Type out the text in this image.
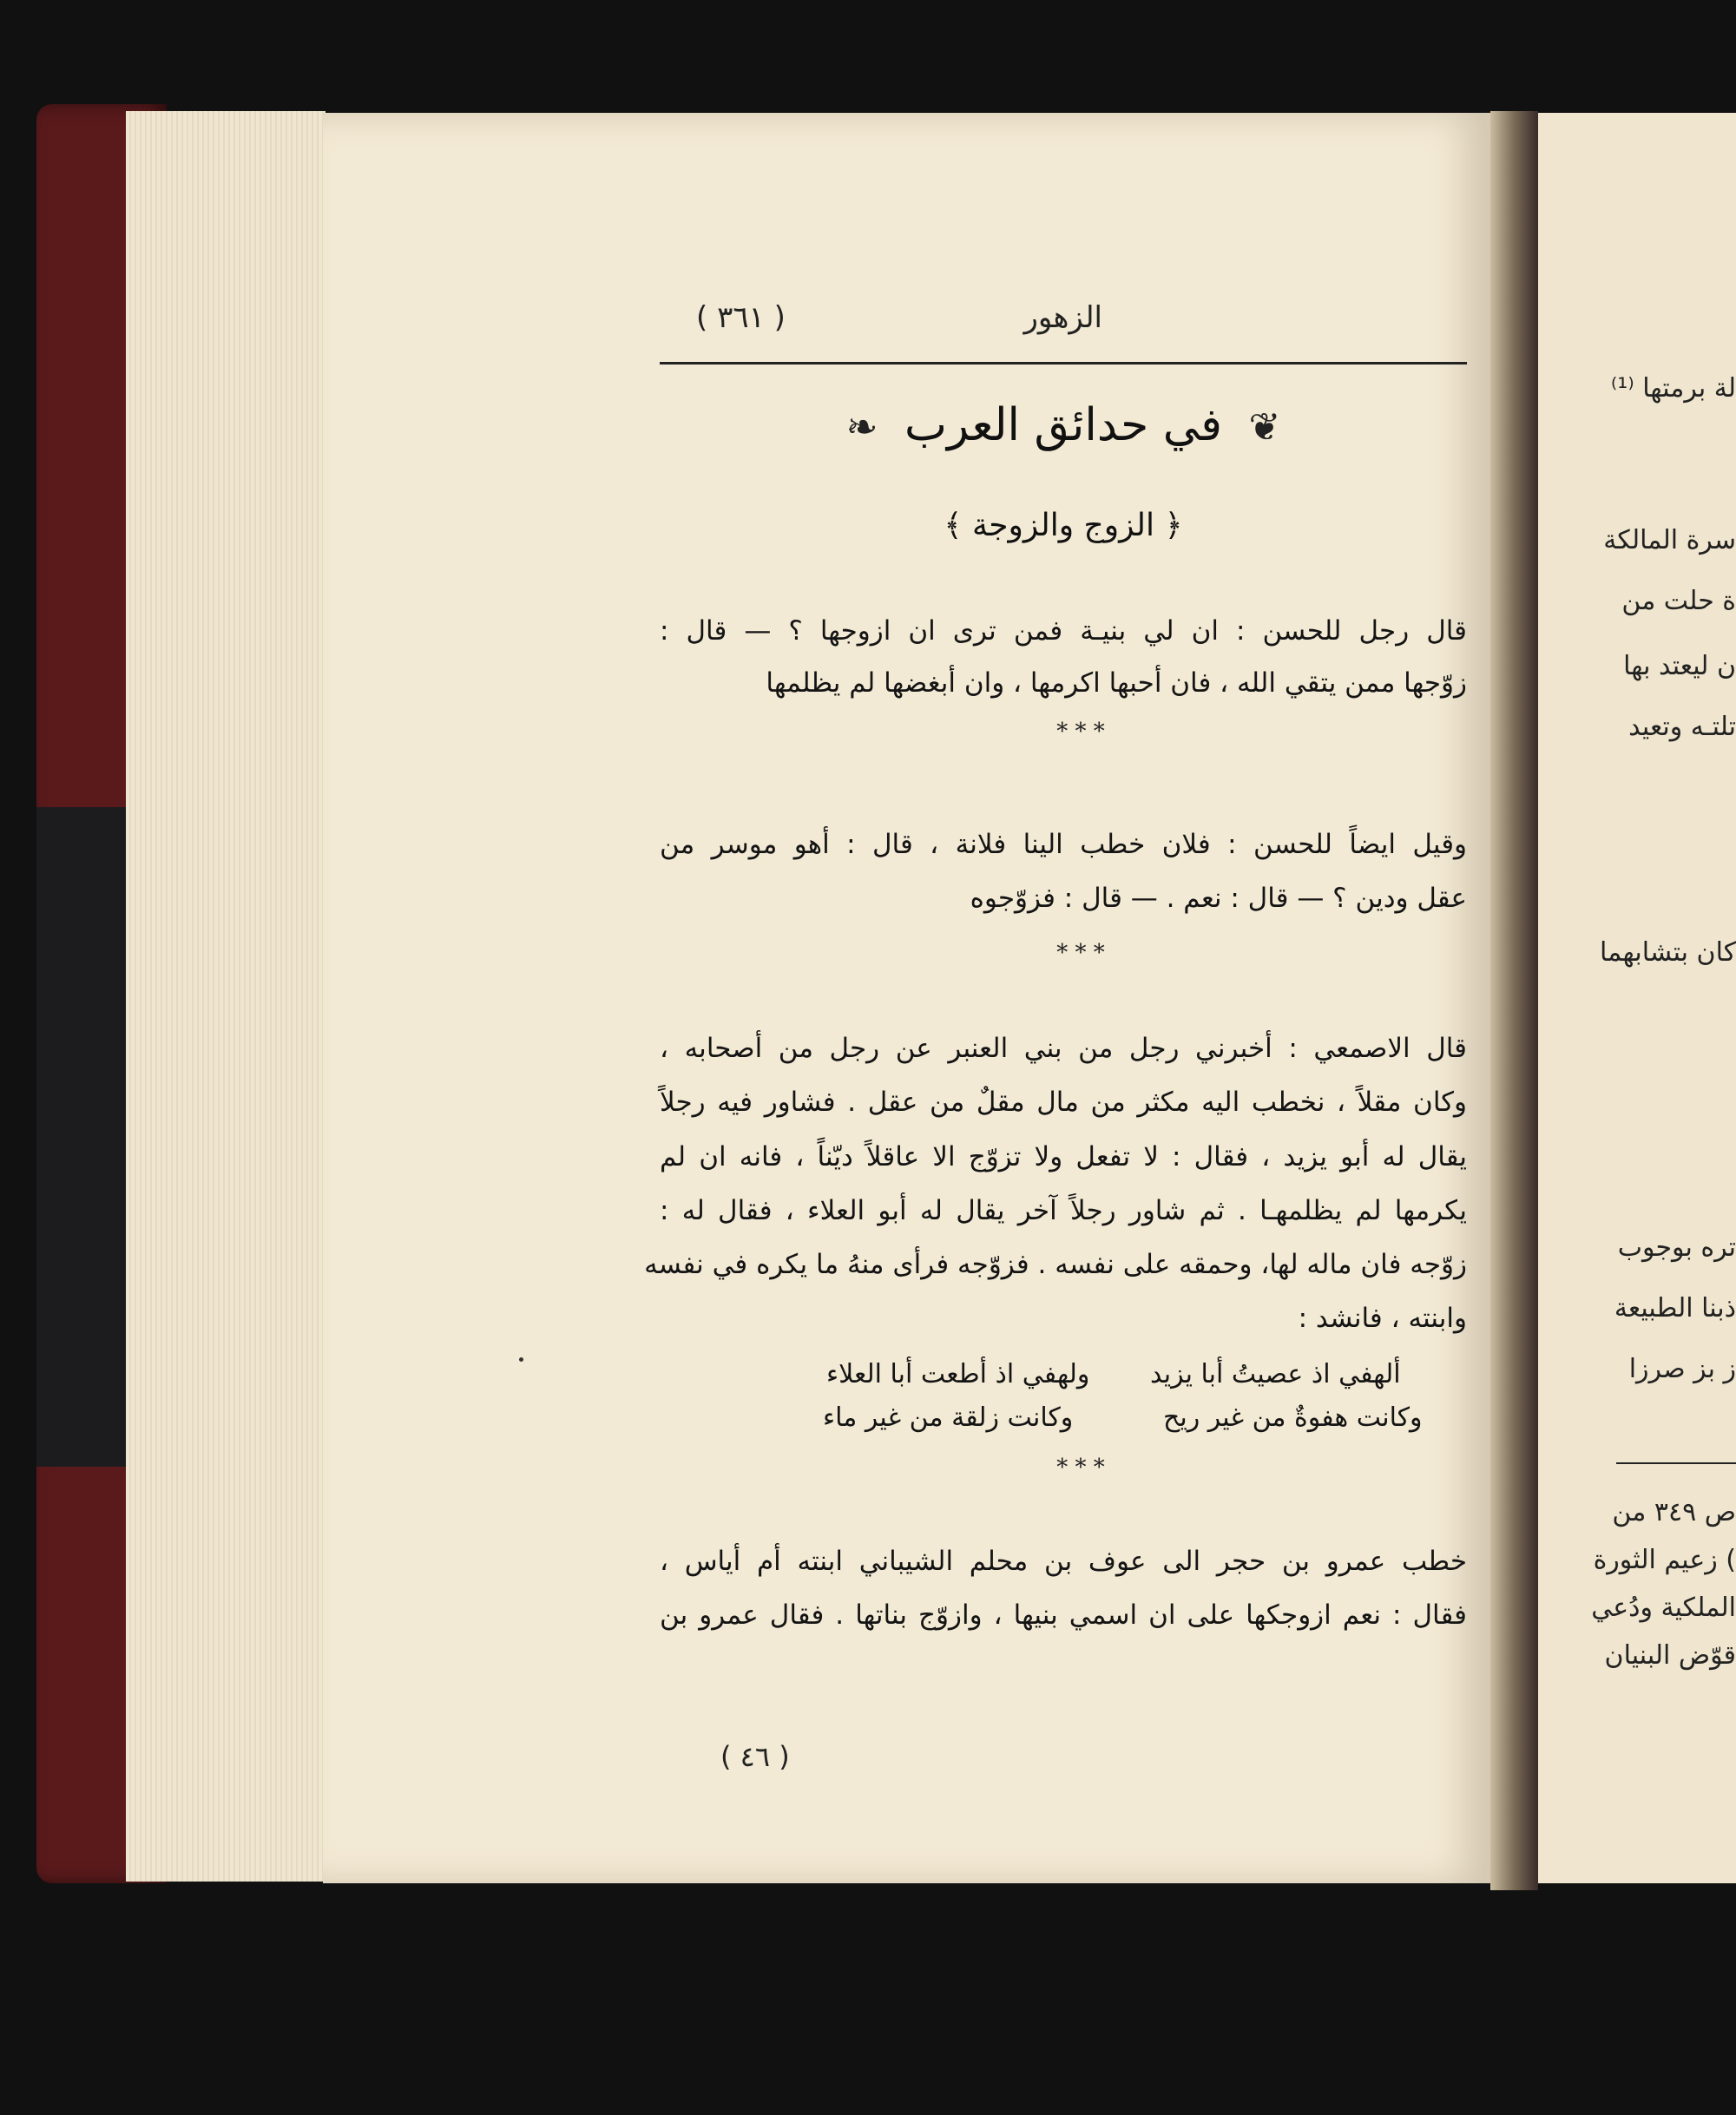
لة برمتها ⁽¹⁾
سرة المالكة
ة حلت من
ن ليعتد بها
تلتـه وتعيد
كان بتشابهما
تره بوجوب
ذبنا الطبيعة
ز بز صرزا
ص ٣٤٩ من
) زعيم الثورة
الملكية ودُعي
قوّض البنيان
الزهور
( ٣٦١ )
❦ في حدائق العرب ❧
﴿ الزوج والزوجة ﴾
قال رجل للحسن : ان لي بنيـة فمن ترى ان ازوجها ؟ — قال :
زوّجها ممن يتقي الله ، فان أحبها اكرمها ، وان أبغضها لم يظلمها
* * *
وقيل ايضاً للحسن : فلان خطب الينا فلانة ، قال : أهو موسر من
عقل ودين ؟ — قال : نعم . — قال : فزوّجوه
* * *
قال الاصمعي : أخبرني رجل من بني العنبر عن رجل من أصحابه ،
وكان مقلاً ، نخطب اليه مكثر من مال مقلٌ من عقل . فشاور فيه رجلاً
يقال له أبو يزيد ، فقال : لا تفعل ولا تزوّج الا عاقلاً ديّناً ، فانه ان لم
يكرمها لم يظلمهـا . ثم شاور رجلاً آخر يقال له أبو العلاء ، فقال له :
زوّجه فان ماله لها، وحمقه على نفسه . فزوّجه فرأى منهُ ما يكره في نفسه
وابنته ، فانشد :
ولهفي اذ أطعت أبا العلاء ألهفي اذ عصيتُ أبا يزيد
وكانت زلقة من غير ماء	وكانت هفوةٌ من غير ريح
* * *
خطب عمرو بن حجر الى عوف بن محلم الشيباني ابنته أم أياس ،
فقال : نعم ازوجكها على ان اسمي بنيها ، وازوّج بناتها . فقال عمرو بن
( ٤٦ )
